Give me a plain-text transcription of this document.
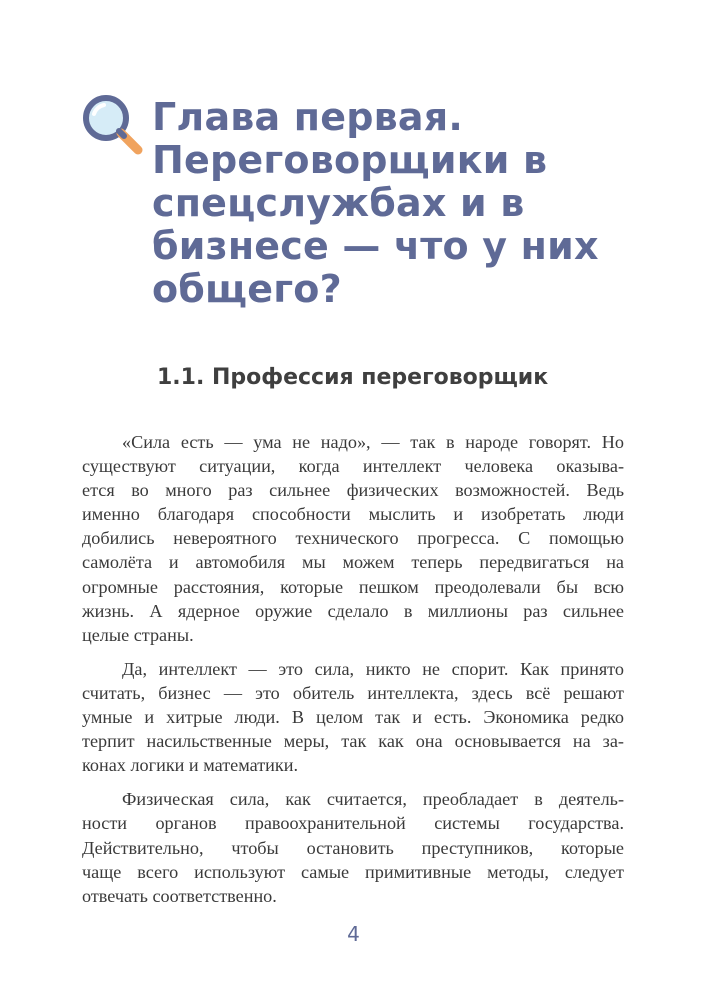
Глава первая.
Переговорщики в
спецслужбах и в
бизнесе — что у них
общего?
1.1. Профессия переговорщик
«Сила есть — ума не надо», — так в народе говорят. Но
существуют ситуации, когда интеллект человека оказыва-
ется во много раз сильнее физических возможностей. Ведь
именно благодаря способности мыслить и изобретать люди
добились невероятного технического прогресса. С помощью
самолёта и автомобиля мы можем теперь передвигаться на
огромные расстояния, которые пешком преодолевали бы всю
жизнь. А ядерное оружие сделало в миллионы раз сильнее
целые страны.
Да, интеллект — это сила, никто не спорит. Как принято
считать, бизнес — это обитель интеллекта, здесь всё решают
умные и хитрые люди. В целом так и есть. Экономика редко
терпит насильственные меры, так как она основывается на за-
конах логики и математики.
Физическая сила, как считается, преобладает в деятель-
ности органов правоохранительной системы государства.
Действительно, чтобы остановить преступников, которые
чаще всего используют самые примитивные методы, следует
отвечать соответственно.
4
